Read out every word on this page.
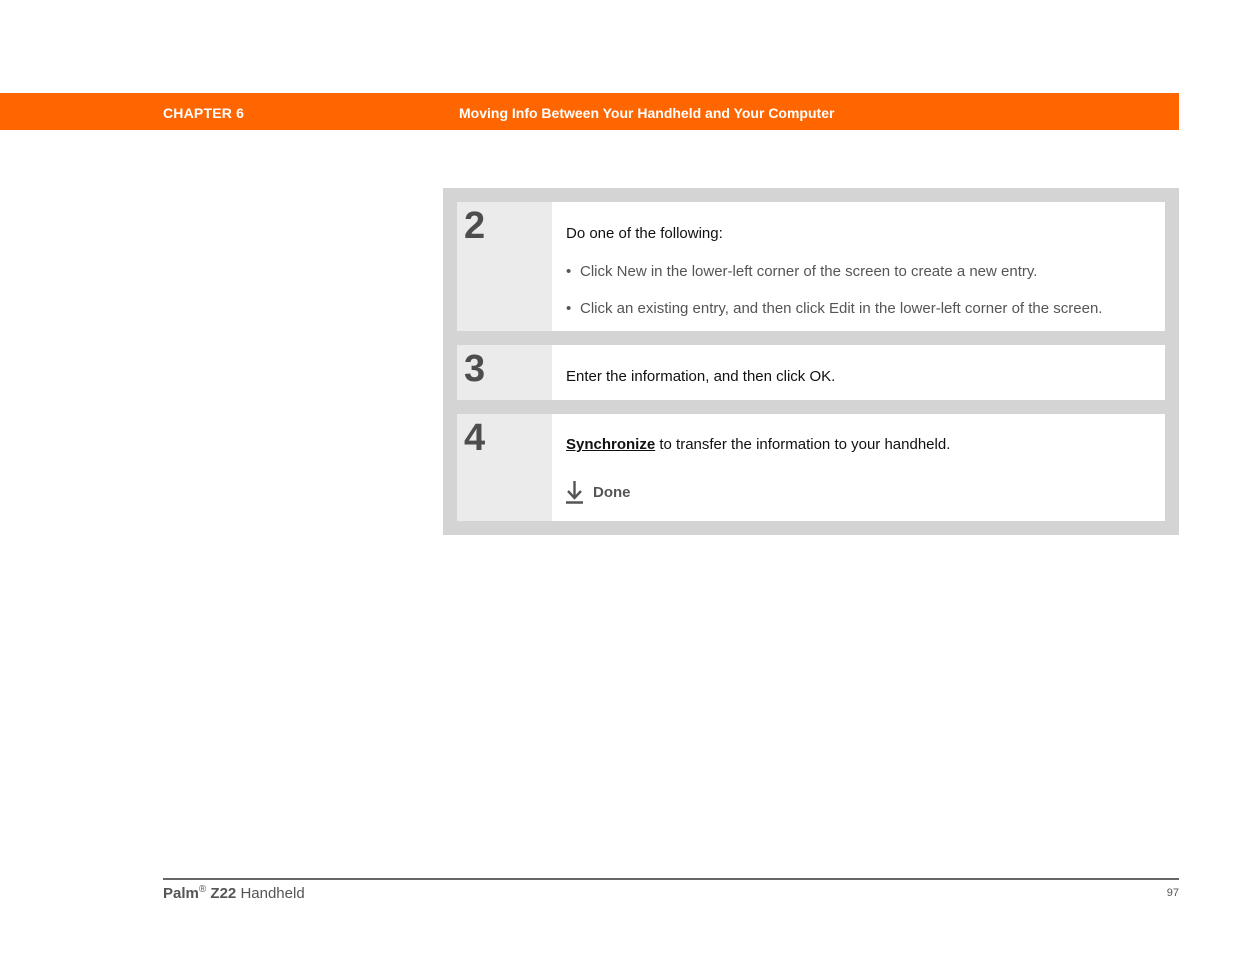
CHAPTER 6	Moving Info Between Your Handheld and Your Computer
2	Do one of the following:
• Click New in the lower-left corner of the screen to create a new entry.
• Click an existing entry, and then click Edit in the lower-left corner of the screen.
3	Enter the information, and then click OK.
4	Synchronize to transfer the information to your handheld.
Done
Palm® Z22 Handheld	97
